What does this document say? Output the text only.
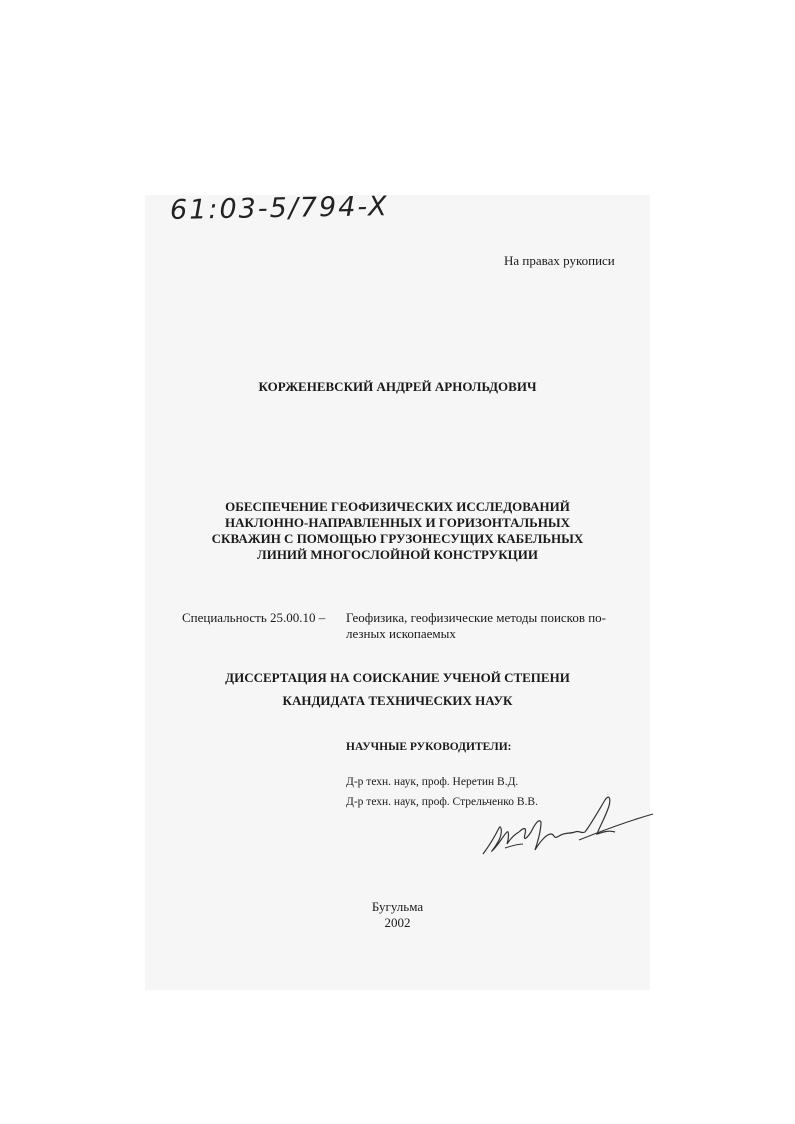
61:03-5/794-X
На правах рукописи
КОРЖЕНЕВСКИЙ АНДРЕЙ АРНОЛЬДОВИЧ
ОБЕСПЕЧЕНИЕ ГЕОФИЗИЧЕСКИХ ИССЛЕДОВАНИЙ
НАКЛОННО-НАПРАВЛЕННЫХ И ГОРИЗОНТАЛЬНЫХ
СКВАЖИН С ПОМОЩЬЮ ГРУЗОНЕСУЩИХ КАБЕЛЬНЫХ
ЛИНИЙ МНОГОСЛОЙНОЙ КОНСТРУКЦИИ
Специальность 25.00.10 – Геофизика, геофизические методы поисков по-
лезных ископаемых
ДИССЕРТАЦИЯ НА СОИСКАНИЕ УЧЕНОЙ СТЕПЕНИ
КАНДИДАТА ТЕХНИЧЕСКИХ НАУК
НАУЧНЫЕ РУКОВОДИТЕЛИ:
Д-р техн. наук, проф. Неретин В.Д.
Д-р техн. наук, проф. Стрельченко В.В.
Бугульма
2002
